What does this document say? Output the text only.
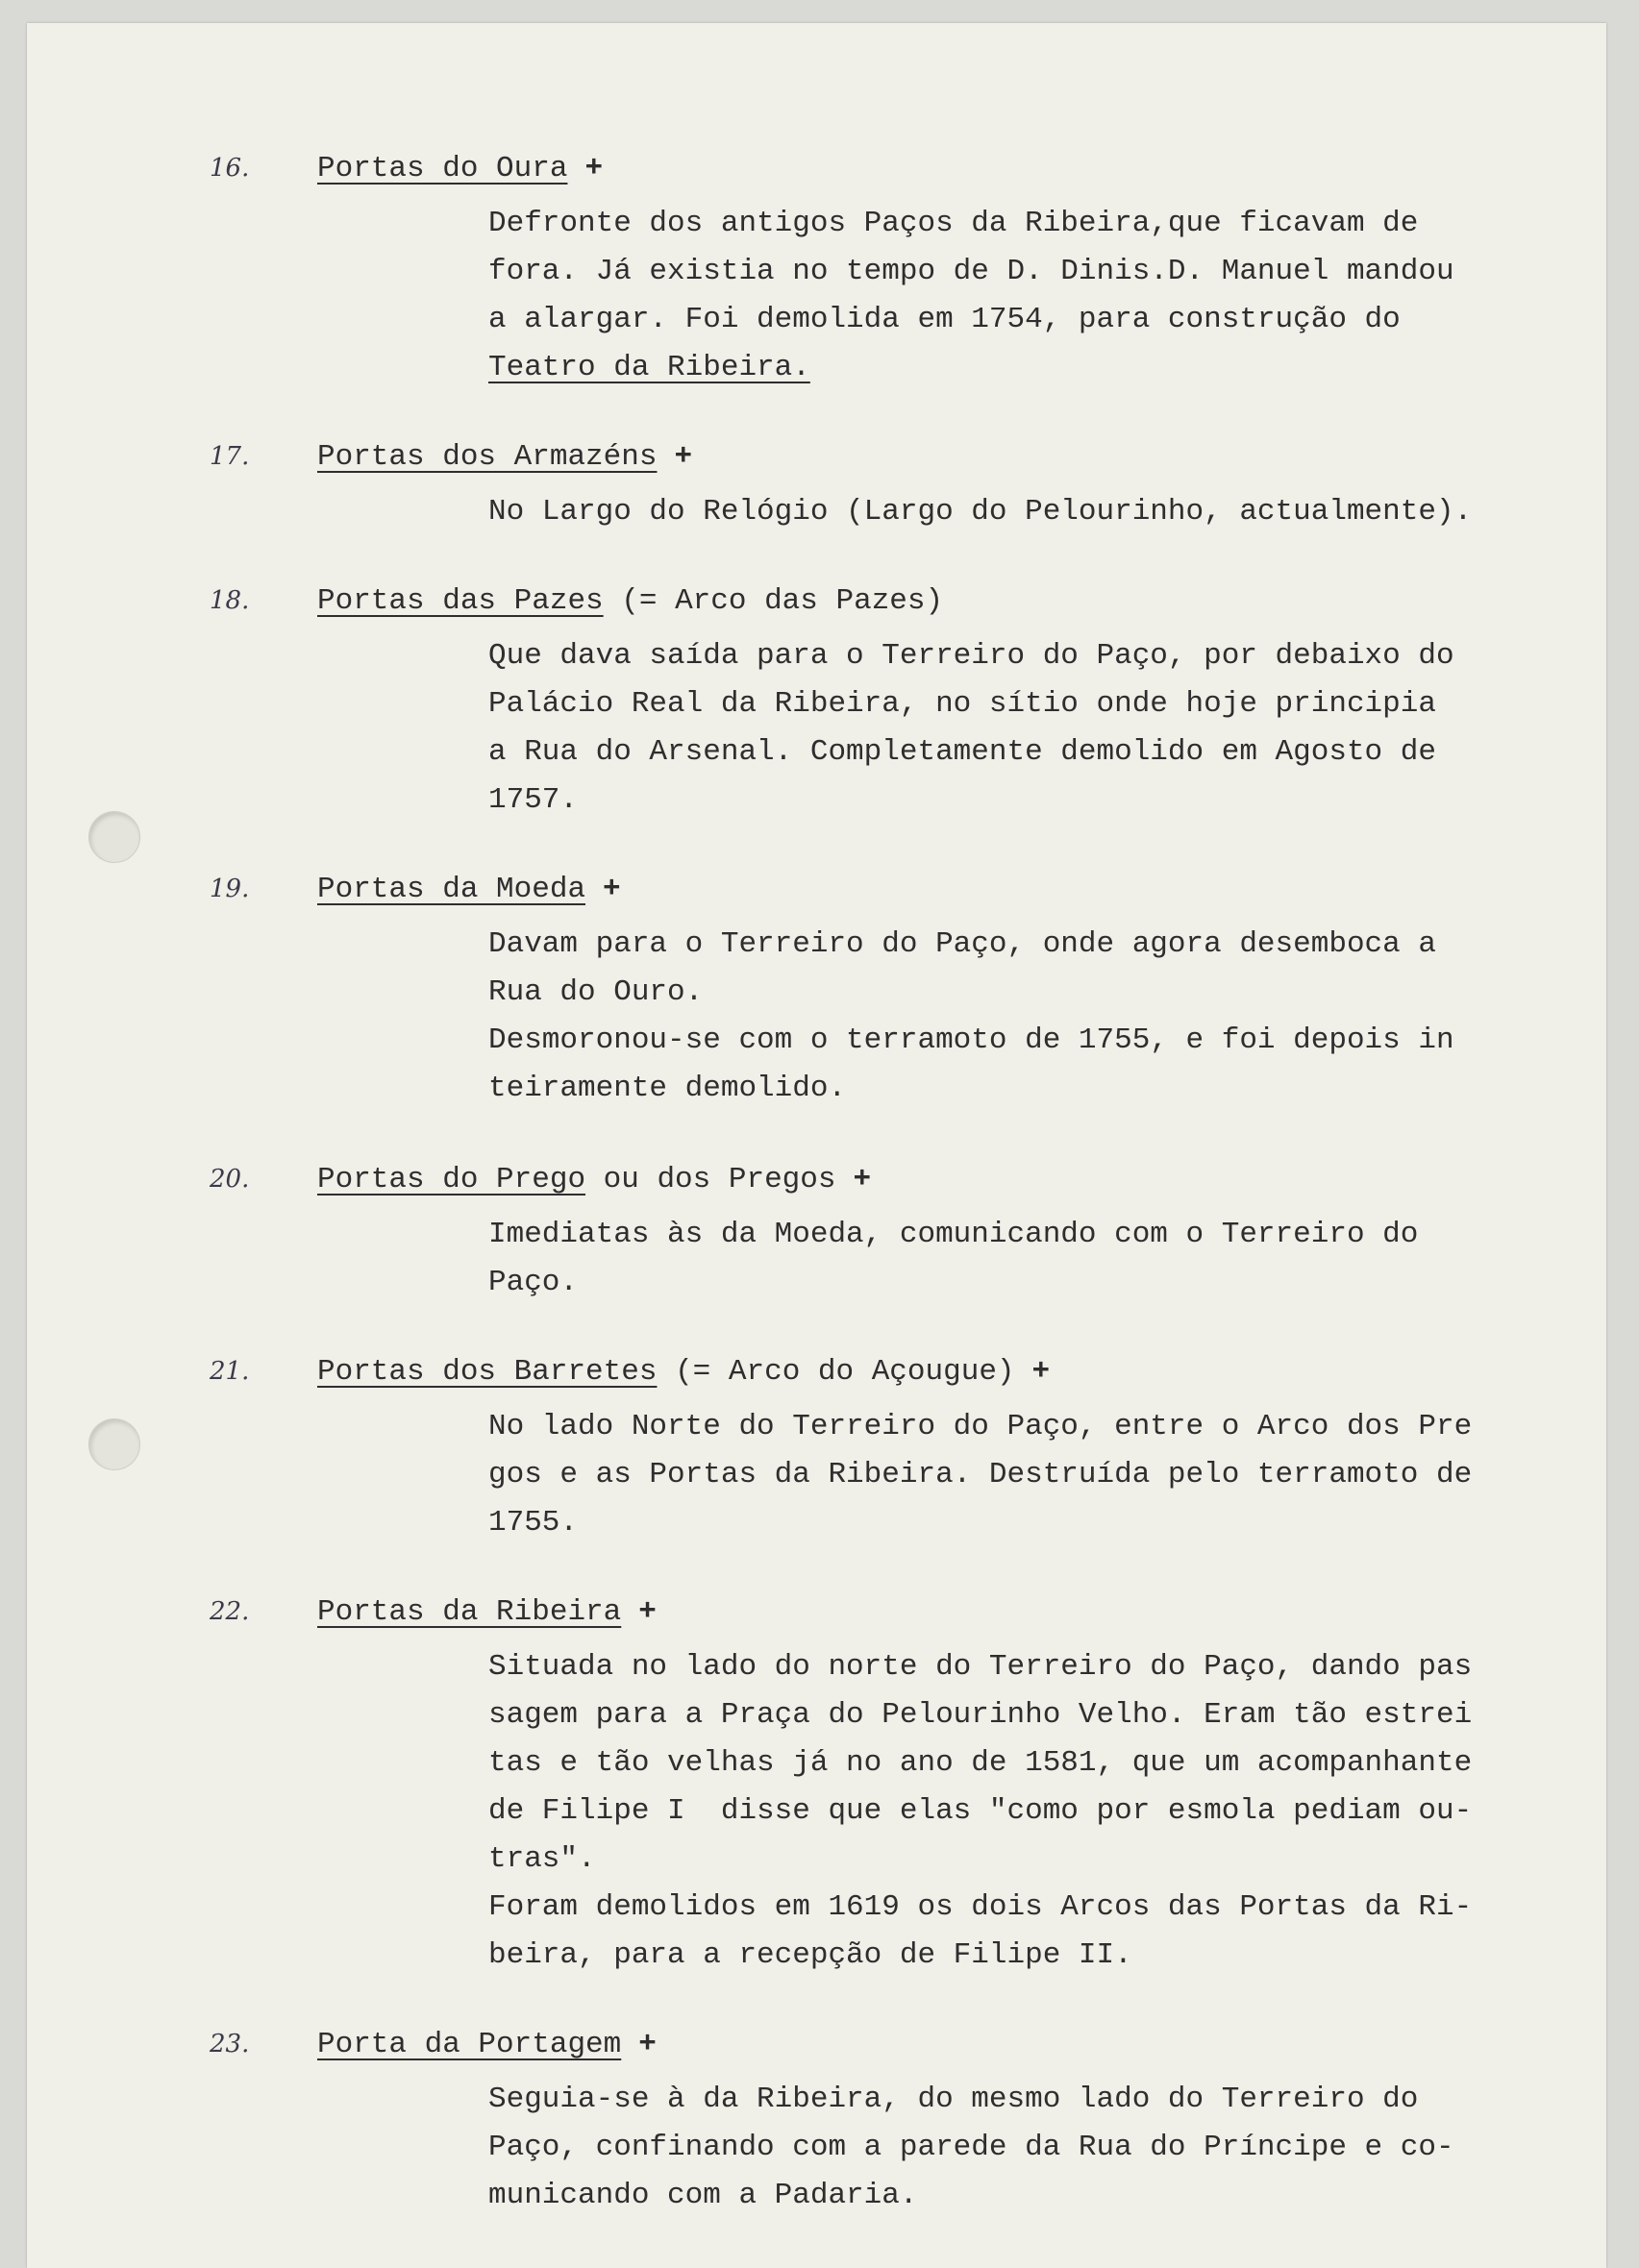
16. Portas do Oura +
Defronte dos antigos Paços da Ribeira,que ficavam de
fora. Já existia no tempo de D. Dinis.D. Manuel mandou
a alargar. Foi demolida em 1754, para construção do
Teatro da Ribeira.
17. Portas dos Armazéns +
No Largo do Relógio (Largo do Pelourinho, actualmente).
18. Portas das Pazes (= Arco das Pazes)
Que dava saída para o Terreiro do Paço, por debaixo do
Palácio Real da Ribeira, no sítio onde hoje principia
a Rua do Arsenal. Completamente demolido em Agosto de
1757.
19. Portas da Moeda +
Davam para o Terreiro do Paço, onde agora desemboca a
Rua do Ouro.
Desmoronou-se com o terramoto de 1755, e foi depois in
teiramente demolido.
20. Portas do Prego ou dos Pregos +
Imediatas às da Moeda, comunicando com o Terreiro do
Paço.
21. Portas dos Barretes (= Arco do Açougue) +
No lado Norte do Terreiro do Paço, entre o Arco dos Pre
gos e as Portas da Ribeira. Destruída pelo terramoto de
1755.
22. Portas da Ribeira +
Situada no lado do norte do Terreiro do Paço, dando pas
sagem para a Praça do Pelourinho Velho. Eram tão estrei
tas e tão velhas já no ano de 1581, que um acompanhante
de Filipe I  disse que elas "como por esmola pediam ou-
tras".
Foram demolidos em 1619 os dois Arcos das Portas da Ri-
beira, para a recepção de Filipe II.
23. Porta da Portagem +
Seguia-se à da Ribeira, do mesmo lado do Terreiro do
Paço, confinando com a parede da Rua do Príncipe e co-
municando com a Padaria.
